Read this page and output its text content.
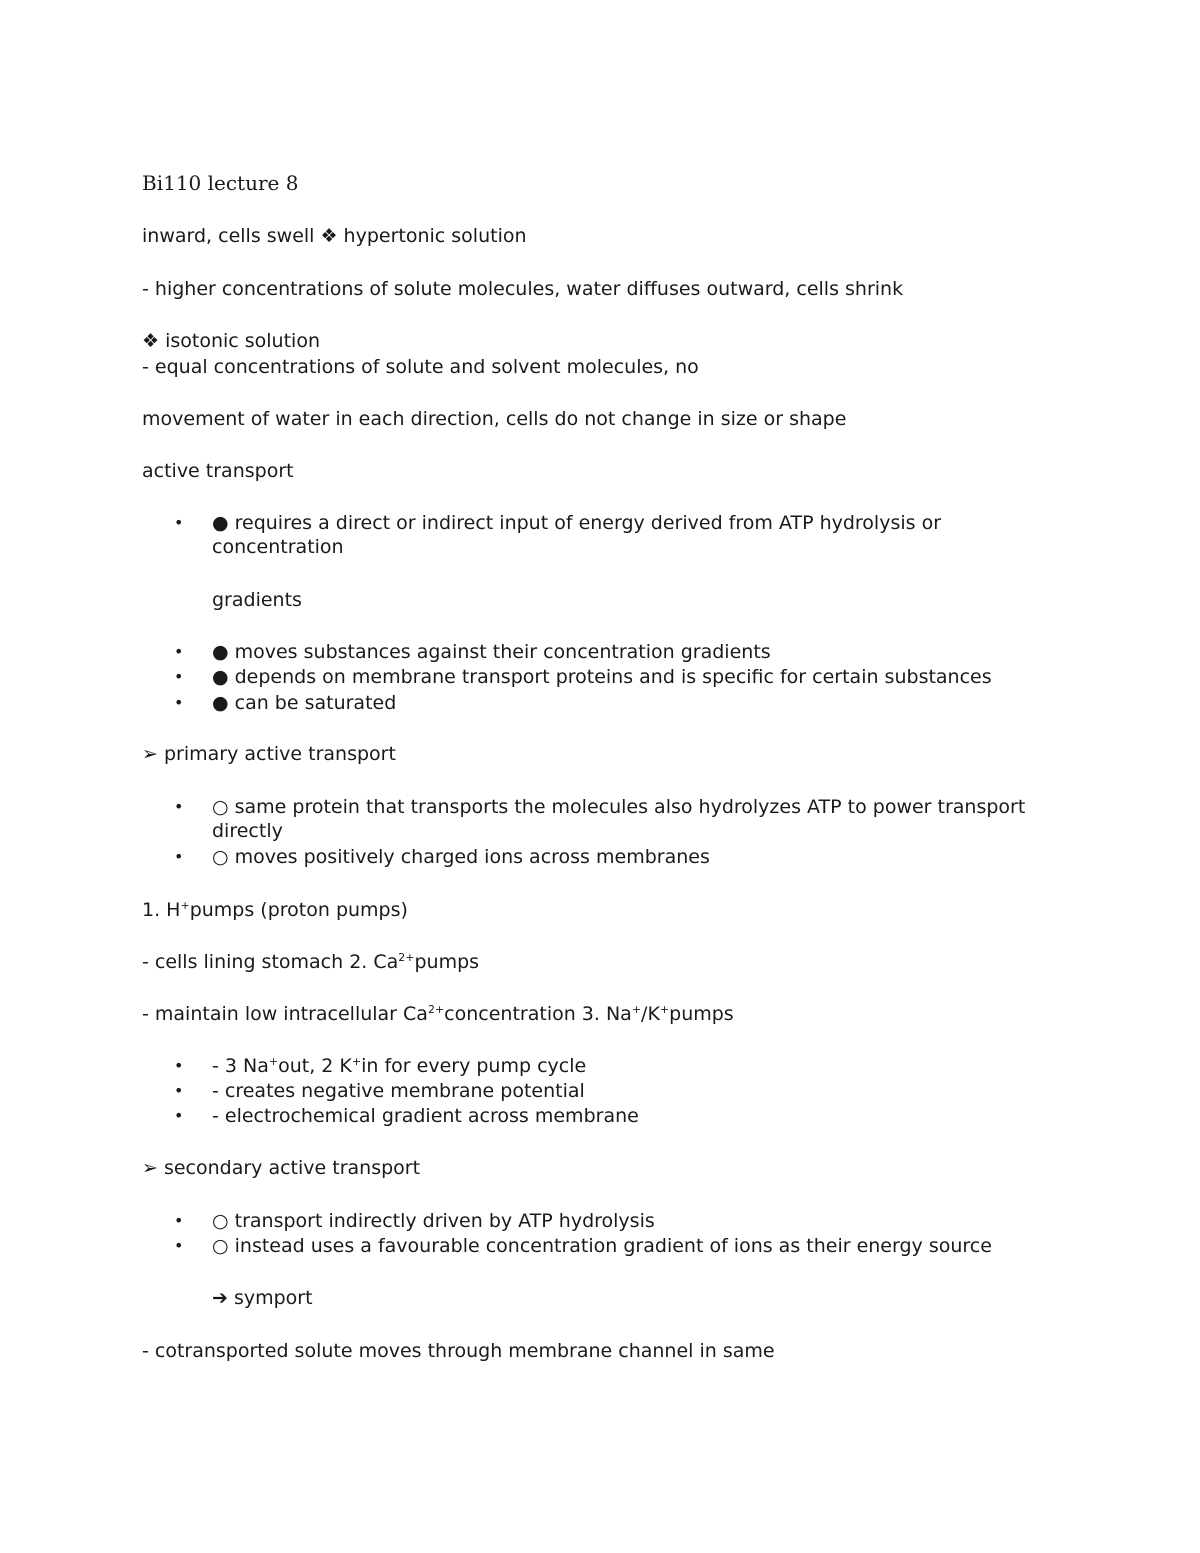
Bi110 lecture 8
inward, cells swell ❖ hypertonic solution
- higher concentrations of solute molecules, water diffuses outward, cells shrink
❖ isotonic solution
- equal concentrations of solute and solvent molecules, no
movement of water in each direction, cells do not change in size or shape
active transport
• ● requires a direct or indirect input of energy derived from ATP hydrolysis or
concentration
gradients
• ● moves substances against their concentration gradients
• ● depends on membrane transport proteins and is specific for certain substances
• ● can be saturated
➢ primary active transport
• ○ same protein that transports the molecules also hydrolyzes ATP to power transport
directly
• ○ moves positively charged ions across membranes
1. H+pumps (proton pumps)
- cells lining stomach 2. $Ca^{2+}pumps$
- maintain low intracellular $Ca^{2+}concentration$ 3. Na+/K+pumps
• - 3 Na+out, 2 K+in for every pump cycle
• - creates negative membrane potential
• - electrochemical gradient across membrane
➢ secondary active transport
• ○ transport indirectly driven by ATP hydrolysis
• ○ instead uses a favourable concentration gradient of ions as their energy source
➔ symport
- cotransported solute moves through membrane channel in same
